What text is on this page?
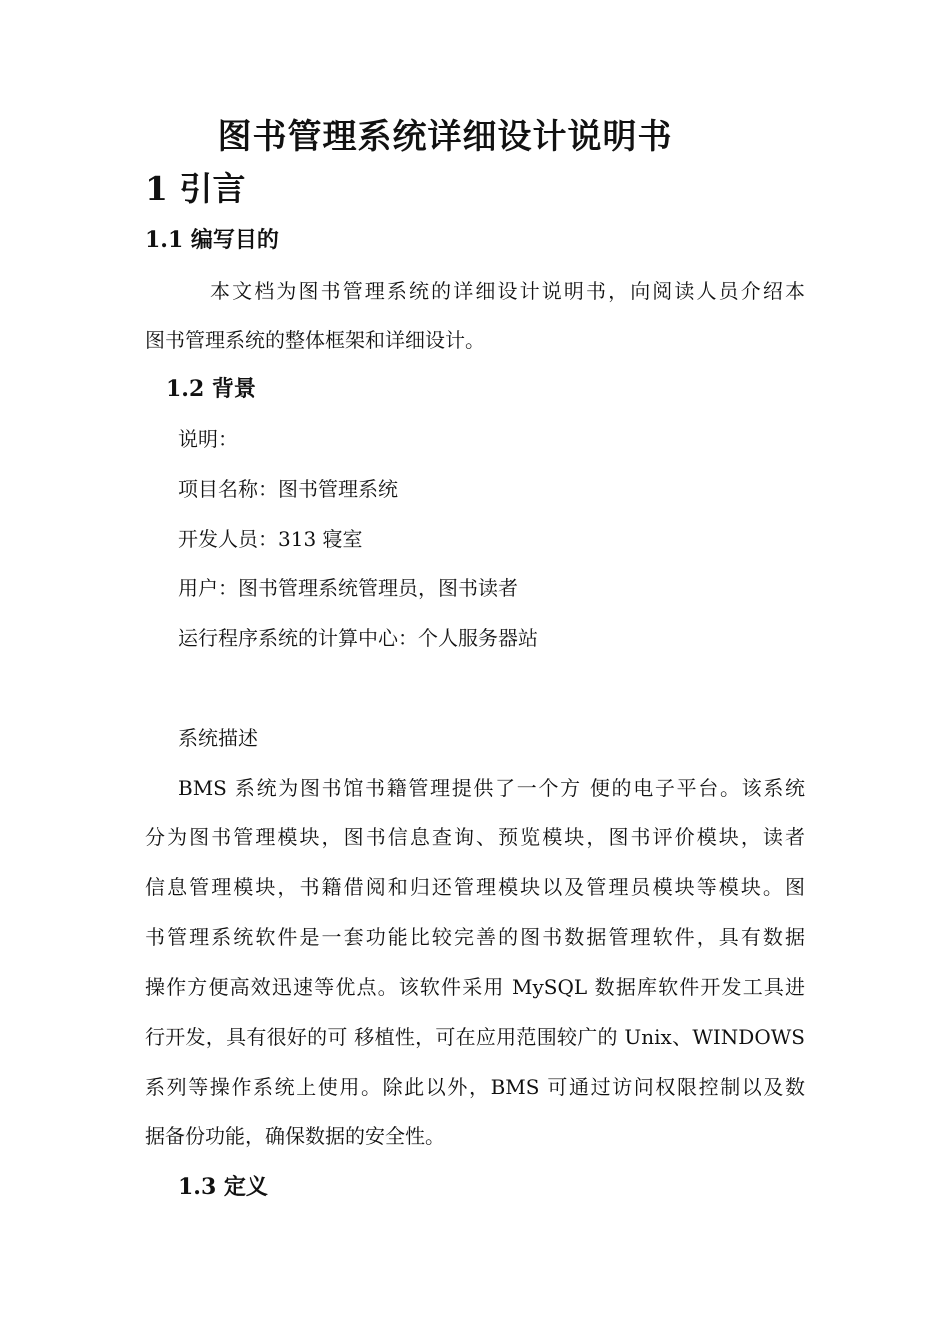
图书管理系统详细设计说明书
1 引言
1.1 编写目的
本文档为图书管理系统的详细设计说明书，向阅读人员介绍本
图书管理系统的整体框架和详细设计。
1.2 背景
说明：
项目名称：图书管理系统
开发人员：313 寝室
用户：图书管理系统管理员，图书读者
运行程序系统的计算中心：个人服务器站
系统描述
BMS 系统为图书馆书籍管理提供了一个方 便的电子平台。该系统
分为图书管理模块，图书信息查询、预览模块，图书评价模块，读者
信息管理模块，书籍借阅和归还管理模块以及管理员模块等模块。图
书管理系统软件是一套功能比较完善的图书数据管理软件，具有数据
操作方便高效迅速等优点。该软件采用 MySQL 数据库软件开发工具进
行开发，具有很好的可 移植性，可在应用范围较广的 Unix、WINDOWS
系列等操作系统上使用。除此以外，BMS 可通过访问权限控制以及数
据备份功能，确保数据的安全性。
1.3 定义
